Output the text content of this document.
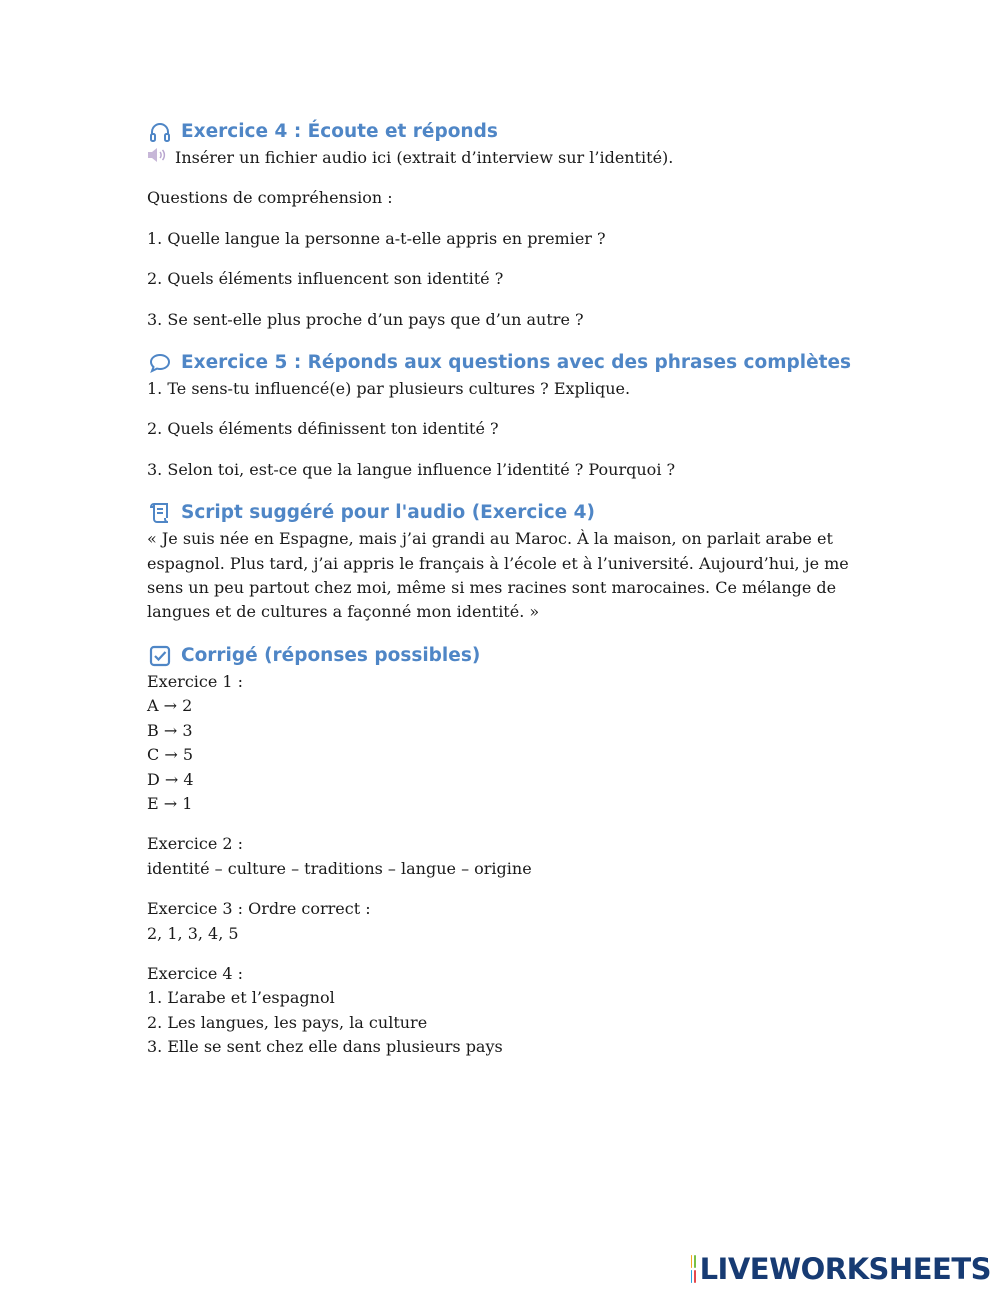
Exercice 4 : Écoute et réponds

Insérer un fichier audio ici (extrait d’interview sur l’identité).

Questions de compréhension :

1. Quelle langue la personne a-t-elle appris en premier ?

2. Quels éléments influencent son identité ?

3. Se sent-elle plus proche d’un pays que d’un autre ?

Exercice 5 : Réponds aux questions avec des phrases complètes

1. Te sens-tu influencé(e) par plusieurs cultures ? Explique.

2. Quels éléments définissent ton identité ?

3. Selon toi, est-ce que la langue influence l’identité ? Pourquoi ?

Script suggéré pour l'audio (Exercice 4)

« Je suis née en Espagne, mais j’ai grandi au Maroc. À la maison, on parlait arabe et espagnol. Plus tard, j’ai appris le français à l’école et à l’université. Aujourd’hui, je me sens un peu partout chez moi, même si mes racines sont marocaines. Ce mélange de langues et de cultures a façonné mon identité. »

Corrigé (réponses possibles)

Exercice 1 :

A → 2

B → 3

C → 5

D → 4

E → 1

Exercice 2 :

identité – culture – traditions – langue – origine

Exercice 3 : Ordre correct :

2, 1, 3, 4, 5

Exercice 4 :

1. L’arabe et l’espagnol

2. Les langues, les pays, la culture

3. Elle se sent chez elle dans plusieurs pays

LIVEWORKSHEETS
